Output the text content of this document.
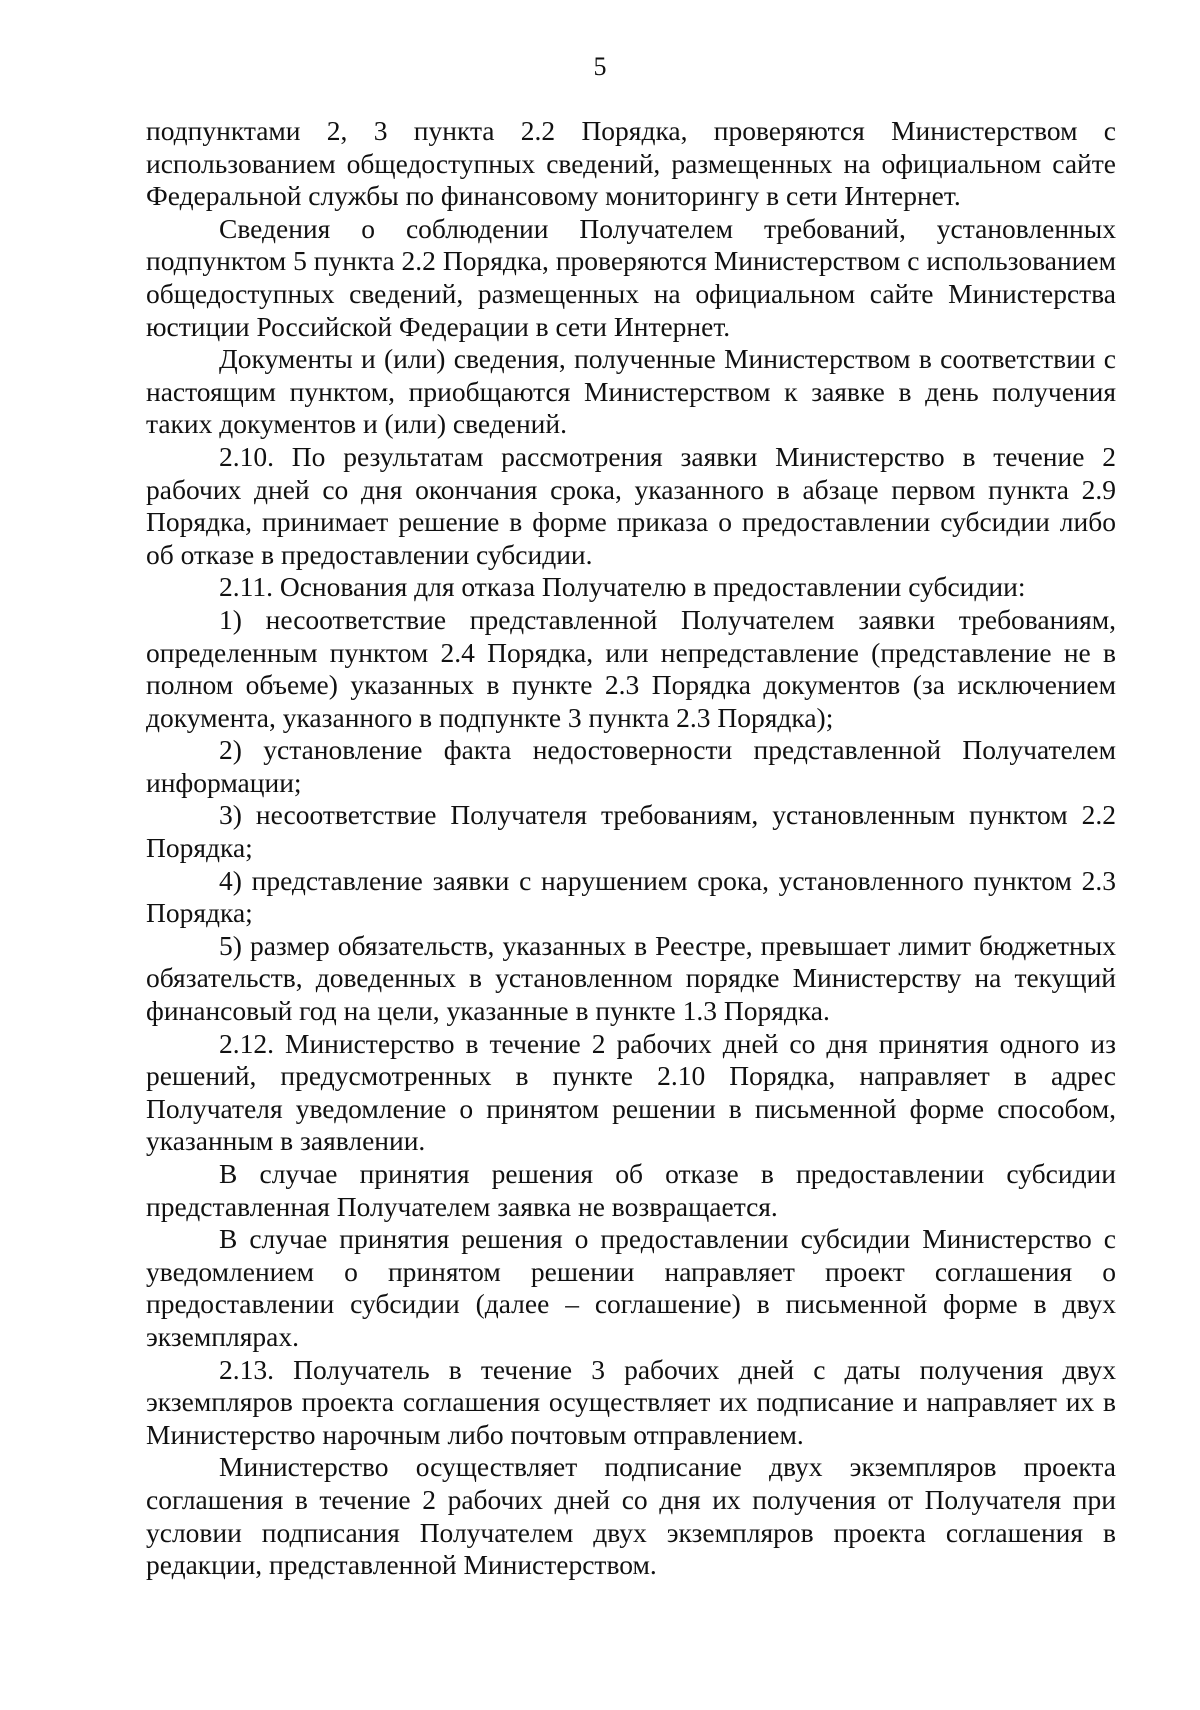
5

подпунктами 2, 3 пункта 2.2 Порядка, проверяются Министерством с использованием общедоступных сведений, размещенных на официальном сайте Федеральной службы по финансовому мониторингу в сети Интернет.

Сведения о соблюдении Получателем требований, установленных подпунктом 5 пункта 2.2 Порядка, проверяются Министерством с использованием общедоступных сведений, размещенных на официальном сайте Министерства юстиции Российской Федерации в сети Интернет.

Документы и (или) сведения, полученные Министерством в соответствии с настоящим пунктом, приобщаются Министерством к заявке в день получения таких документов и (или) сведений.

2.10. По результатам рассмотрения заявки Министерство в течение 2 рабочих дней со дня окончания срока, указанного в абзаце первом пункта 2.9 Порядка, принимает решение в форме приказа о предоставлении субсидии либо об отказе в предоставлении субсидии.

2.11. Основания для отказа Получателю в предоставлении субсидии:

1) несоответствие представленной Получателем заявки требованиям, определенным пунктом 2.4 Порядка, или непредставление (представление не в полном объеме) указанных в пункте 2.3 Порядка документов (за исключением документа, указанного в подпункте 3 пункта 2.3 Порядка);

2) установление факта недостоверности представленной Получателем информации;

3) несоответствие Получателя требованиям, установленным пунктом 2.2 Порядка;

4) представление заявки с нарушением срока, установленного пунктом 2.3 Порядка;

5) размер обязательств, указанных в Реестре, превышает лимит бюджетных обязательств, доведенных в установленном порядке Министерству на текущий финансовый год на цели, указанные в пункте 1.3 Порядка.

2.12. Министерство в течение 2 рабочих дней со дня принятия одного из решений, предусмотренных в пункте 2.10 Порядка, направляет в адрес Получателя уведомление о принятом решении в письменной форме способом, указанным в заявлении.

В случае принятия решения об отказе в предоставлении субсидии представленная Получателем заявка не возвращается.

В случае принятия решения о предоставлении субсидии Министерство с уведомлением о принятом решении направляет проект соглашения о предоставлении субсидии (далее – соглашение) в письменной форме в двух экземплярах.

2.13. Получатель в течение 3 рабочих дней с даты получения двух экземпляров проекта соглашения осуществляет их подписание и направляет их в Министерство нарочным либо почтовым отправлением.

Министерство осуществляет подписание двух экземпляров проекта соглашения в течение 2 рабочих дней со дня их получения от Получателя при условии подписания Получателем двух экземпляров проекта соглашения в редакции, представленной Министерством.
